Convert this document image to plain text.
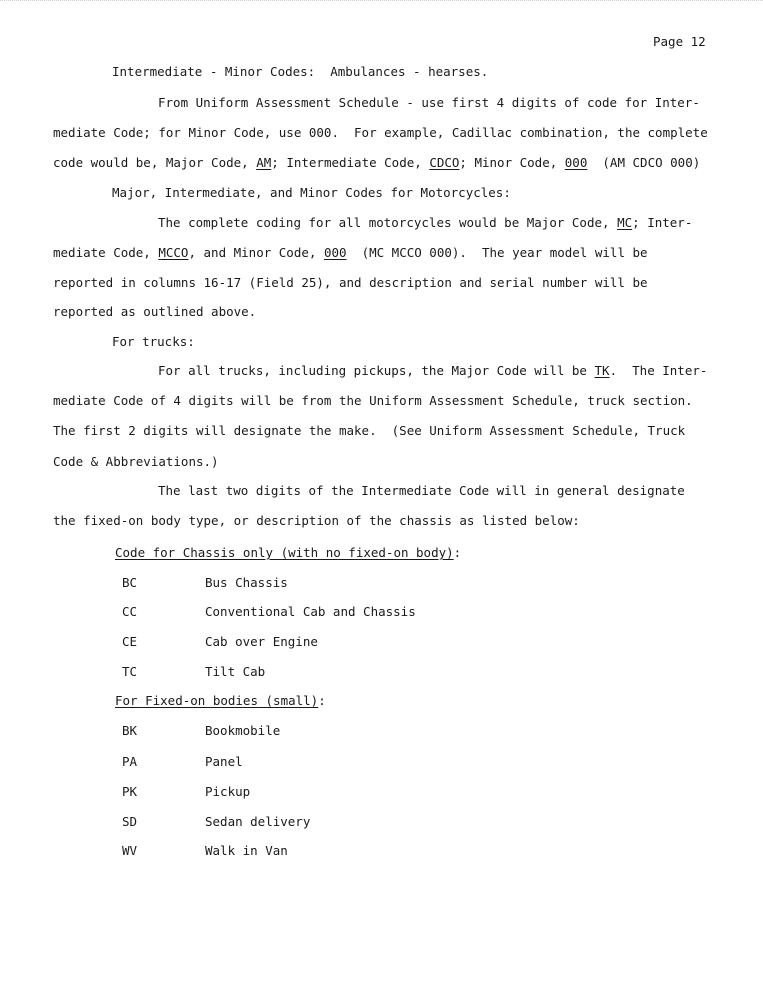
Page 12
Intermediate - Minor Codes:  Ambulances - hearses.
From Uniform Assessment Schedule - use first 4 digits of code for Inter-
mediate Code; for Minor Code, use 000.  For example, Cadillac combination, the complete
code would be, Major Code, AM; Intermediate Code, CDCO; Minor Code, 000  (AM CDCO 000)
Major, Intermediate, and Minor Codes for Motorcycles:
The complete coding for all motorcycles would be Major Code, MC; Inter-
mediate Code, MCCO, and Minor Code, 000  (MC MCCO 000).  The year model will be
reported in columns 16-17 (Field 25), and description and serial number will be
reported as outlined above.
For trucks:
For all trucks, including pickups, the Major Code will be TK.  The Inter-
mediate Code of 4 digits will be from the Uniform Assessment Schedule, truck section.
The first 2 digits will designate the make.  (See Uniform Assessment Schedule, Truck
Code & Abbreviations.)
The last two digits of the Intermediate Code will in general designate
the fixed-on body type, or description of the chassis as listed below:
Code for Chassis only (with no fixed-on body):
BC	Bus Chassis
CC	Conventional Cab and Chassis
CE	Cab over Engine
TC	Tilt Cab
For Fixed-on bodies (small):
BK	Bookmobile
PA	Panel
PK	Pickup
SD	Sedan delivery
WV	Walk in Van
